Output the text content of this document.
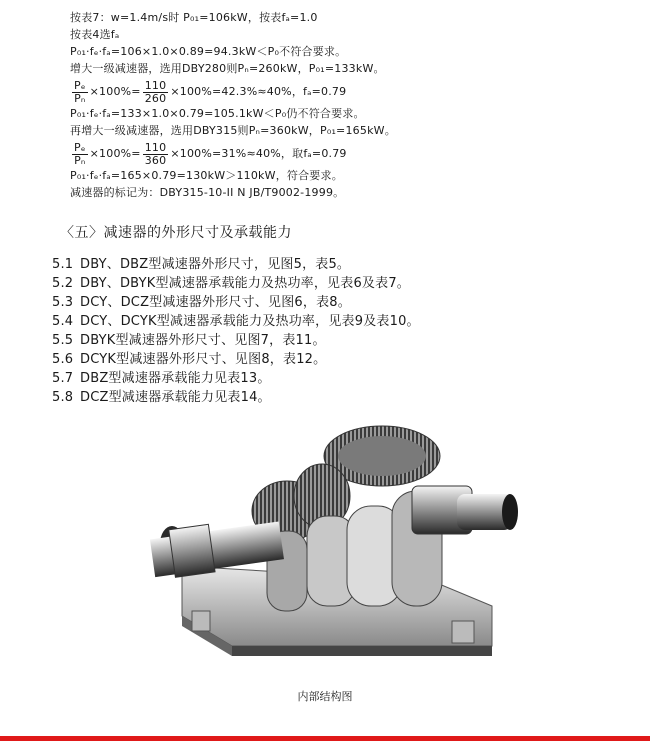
按表7：w=1.4m/s时 P₀₁=106kW，按表fₐ=1.0
按表4选fₐ
P₀₁·fₑ·fₐ=106×1.0×0.89=94.3kW＜P₀不符合要求。
增大一级减速器，选用DBY280则Pₙ=260kW，P₀₁=133kW。
$\frac{\text{Pₑ}}{\text{Pₙ}} \times 100\%= \frac{110}{260} \times 100\%=42.3\%\approx 40\%$，fₐ=0.79
P₀₁·fₑ·fₐ=133×1.0×0.79=105.1kW＜P₀仍不符合要求。
再增大一级减速器，选用DBY315则Pₙ=360kW，P₀₁=165kW。
$\frac{\text{Pₑ}}{\text{Pₙ}} \times 100\%= \frac{110}{360} \times 100\%=31\%\approx 40\%$，取fₐ=0.79
P₀₁·fₑ·fₐ=165×0.79=130kW＞110kW，符合要求。
减速器的标记为：DBY315-10-II N JB/T9002-1999。
〈五〉减速器的外形尺寸及承载能力
5.1 DBY、DBZ型减速器外形尺寸，见图5，表5。
5.2 DBY、DBYK型减速器承载能力及热功率，见表6及表7。
5.3 DCY、DCZ型减速器外形尺寸、见图6，表8。
5.4 DCY、DCYK型减速器承载能力及热功率，见表9及表10。
5.5 DBYK型减速器外形尺寸、见图7，表11。
5.6 DCYK型减速器外形尺寸、见图8，表12。
5.7 DBZ型减速器承载能力见表13。
5.8 DCZ型减速器承载能力见表14。
内部结构图
